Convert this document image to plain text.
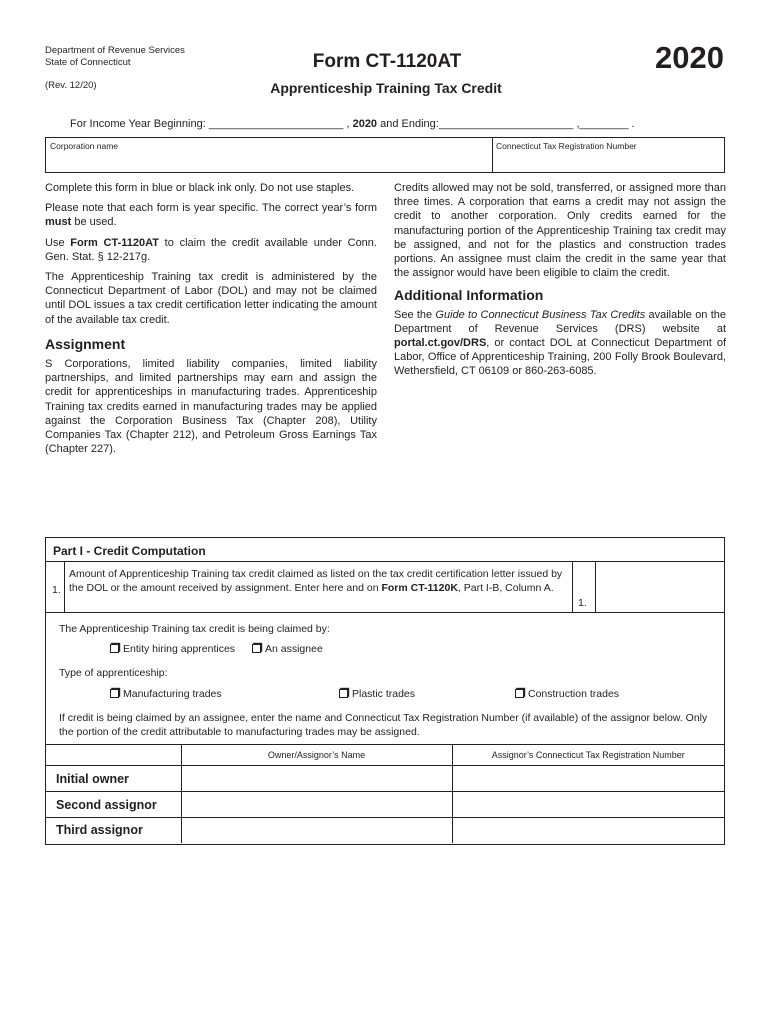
Department of Revenue Services
State of Connecticut
(Rev. 12/20)
Form CT-1120AT
Apprenticeship Training Tax Credit
2020
For Income Year Beginning: ______________________ , 2020 and Ending:______________________ ,________ .
Corporation name	Connecticut Tax Registration Number

Complete this form in blue or black ink only. Do not use staples.

Please note that each form is year specific. The correct year’s form must be used.

Use Form CT-1120AT to claim the credit available under Conn. Gen. Stat. § 12-217g.

The Apprenticeship Training tax credit is administered by the Connecticut Department of Labor (DOL) and may not be claimed until DOL issues a tax credit certification letter indicating the amount of the available tax credit.

Assignment

S Corporations, limited liability companies, limited liability partnerships, and limited partnerships may earn and assign the credit for apprenticeships in manufacturing trades. Apprenticeship Training tax credits earned in manufacturing trades may be applied against the Corporation Business Tax (Chapter 208), Utility Companies Tax (Chapter 212), and Petroleum Gross Earnings Tax (Chapter 227).

Credits allowed may not be sold, transferred, or assigned more than three times. A corporation that earns a credit may not assign the credit to another corporation. Only credits earned for the manufacturing portion of the Apprenticeship Training tax credit may be assigned, and not for the plastics and construction trades portions. An assignee must claim the credit in the same year that the assignor would have been eligible to claim the credit.

Additional Information

See the Guide to Connecticut Business Tax Credits available on the Department of Revenue Services (DRS) website at portal.ct.gov/DRS, or contact DOL at Connecticut Department of Labor, Office of Apprenticeship Training, 200 Folly Brook Boulevard, Wethersfield, CT 06109 or 860-263-6085.

Part I - Credit Computation
1.
Amount of Apprenticeship Training tax credit claimed as listed on the tax credit certification letter issued by the DOL or the amount received by assignment. Enter here and on Form CT-1120K, Part I-B, Column A.
1.
The Apprenticeship Training tax credit is being claimed by:
Entity hiring apprentices	An assignee
Type of apprenticeship:
Manufacturing trades	Plastic trades	Construction trades
If credit is being claimed by an assignee, enter the name and Connecticut Tax Registration Number (if available) of the assignor below. Only the portion of the credit attributable to manufacturing trades may be assigned.
	Owner/Assignor’s Name	Assignor’s Connecticut Tax Registration Number
Initial owner		
Second assignor		
Third assignor		
